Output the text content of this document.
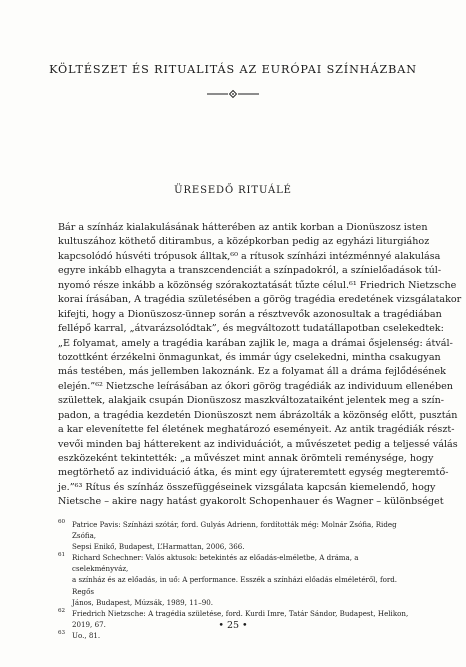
KÖLTÉSZET ÉS RITUALITÁS AZ EURÓPAI SZÍNHÁZBAN
ÜRESEDŐ RITUÁLÉ
Bár a színház kialakulásának hátterében az antik korban a Dionüszosz isten
kultuszához köthető ditirambus, a középkorban pedig az egyházi liturgiához
kapcsolódó húsvéti trópusok álltak,⁶⁰ a rítusok színházi intézménnyé alakulása
egyre inkább elhagyta a transzcendenciát a színpadokról, a színielőadások túl-
nyomó része inkább a közönség szórakoztatását tűzte célul.⁶¹ Friedrich Nietzsche
korai írásában, A tragédia születésében a görög tragédia eredetének vizsgálatakor
kifejti, hogy a Dionüszosz-ünnep során a résztvevők azonosultak a tragédiában
fellépő karral, „átvarázsolódtak”, és megváltozott tudatállapotban cselekedtek:
„E folyamat, amely a tragédia karában zajlik le, maga a drámai ősjelenség: átvál-
tozottként érzékelni önmagunkat, és immár úgy cselekedni, mintha csakugyan
más testében, más jellemben lakoznánk. Ez a folyamat áll a dráma fejlődésének
elején.”⁶² Nietzsche leírásában az ókori görög tragédiák az individuum ellenében
születtek, alakjaik csupán Dionüszosz maszkváltozataiként jelentek meg a szín-
padon, a tragédia kezdetén Dionüszoszt nem ábrázolták a közönség előtt, pusztán
a kar elevenítette fel életének meghatározó eseményeit. Az antik tragédiák részt-
vevői minden baj hátterekent az individuációt, a művészetet pedig a teljessé válás
eszközeként tekintették: „a művészet mint annak örömteli reménysége, hogy
megtörhető az individuáció átka, és mint egy újrateremtett egység megteremtő-
je.”⁶³ Rítus és színház összefüggéseinek vizsgálata kapcsán kiemelendő, hogy
Nietsche – akire nagy hatást gyakorolt Schopenhauer és Wagner – különbséget
60 Patrice Pavis: Színházi szótár, ford. Gulyás Adrienn, fordították még: Molnár Zsófia, Rideg Zsófia,
Sepsi Enikő, Budapest, L’Harmattan, 2006, 366.
61 Richard Schechner: Valós aktusok: betekintés az előadás-elméletbe, A dráma, a cselekményváz,
a színház és az előadás, in uő: A performance. Esszék a színházi előadás elméletéről, ford. Regős
János, Budapest, Múzsák, 1989, 11–90.
62 Friedrich Nietzsche: A tragédia születése, ford. Kurdi Imre, Tatár Sándor, Budapest, Helikon,
2019, 67.
63 Uo., 81.
• 25 •
